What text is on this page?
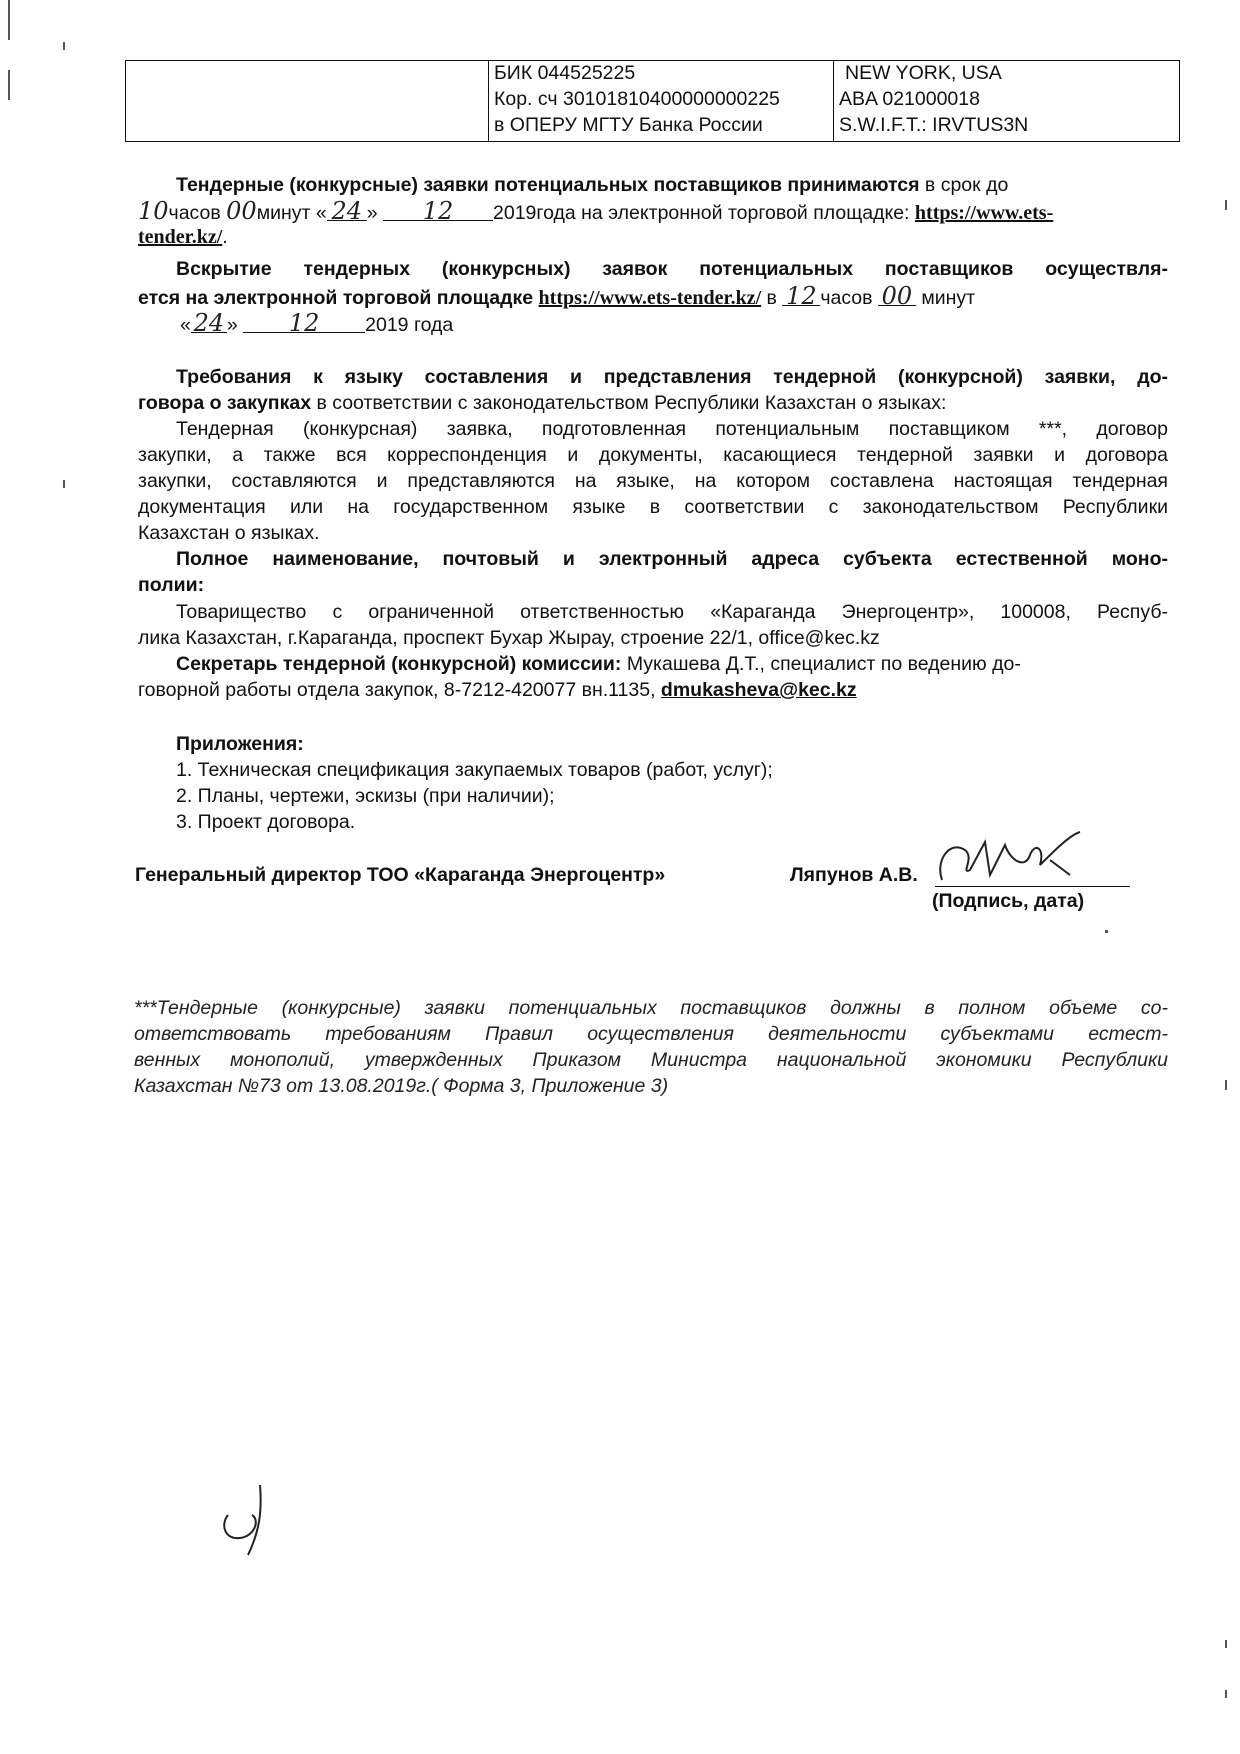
БИК 044525225
Кор. сч 30101810400000000225
в ОПЕРУ МГТУ Банка России
NEW YORK, USA
ABA 021000018
S.W.I.F.T.: IRVTUS3N
Тендерные (конкурсные) заявки потенциальных поставщиков принимаются в срок до
10часов 00минут « 24 » 12 2019года на электронной торговой площадке: https://www.ets-
tender.kz/.
Вскрытие тендерных (конкурсных) заявок потенциальных поставщиков осуществля-
ется на электронной торговой площадке https://www.ets-tender.kz/ в 12 часов 00 минут
« 24 » 12 2019 года
Требования к языку составления и представления тендерной (конкурсной) заявки, до-
говора о закупках в соответствии с законодательством Республики Казахстан о языках:
Тендерная (конкурсная) заявка, подготовленная потенциальным поставщиком ***, договор
закупки, а также вся корреспонденция и документы, касающиеся тендерной заявки и договора
закупки, составляются и представляются на языке, на котором составлена настоящая тендерная
документация или на государственном языке в соответствии с законодательством Республики
Казахстан о языках.
Полное наименование, почтовый и электронный адреса субъекта естественной моно-
полии:
Товарищество с ограниченной ответственностью «Караганда Энергоцентр», 100008, Респуб-
лика Казахстан, г.Караганда, проспект Бухар Жырау, строение 22/1, office@kec.kz
Секретарь тендерной (конкурсной) комиссии: Мукашева Д.Т., специалист по ведению до-
говорной работы отдела закупок, 8-7212-420077 вн.1135, dmukasheva@kec.kz
Приложения:
1. Техническая спецификация закупаемых товаров (работ, услуг);
2. Планы, чертежи, эскизы (при наличии);
3. Проект договора.
Генеральный директор ТОО «Караганда Энергоцентр»	Ляпунов А.В.
(Подпись, дата)
***Тендерные (конкурсные) заявки потенциальных поставщиков должны в полном объеме со-
ответствовать требованиям Правил осуществления деятельности субъектами естест-
венных монополий, утвержденных Приказом Министра национальной экономики Республики
Казахстан №73 от 13.08.2019г.( Форма 3, Приложение 3)
